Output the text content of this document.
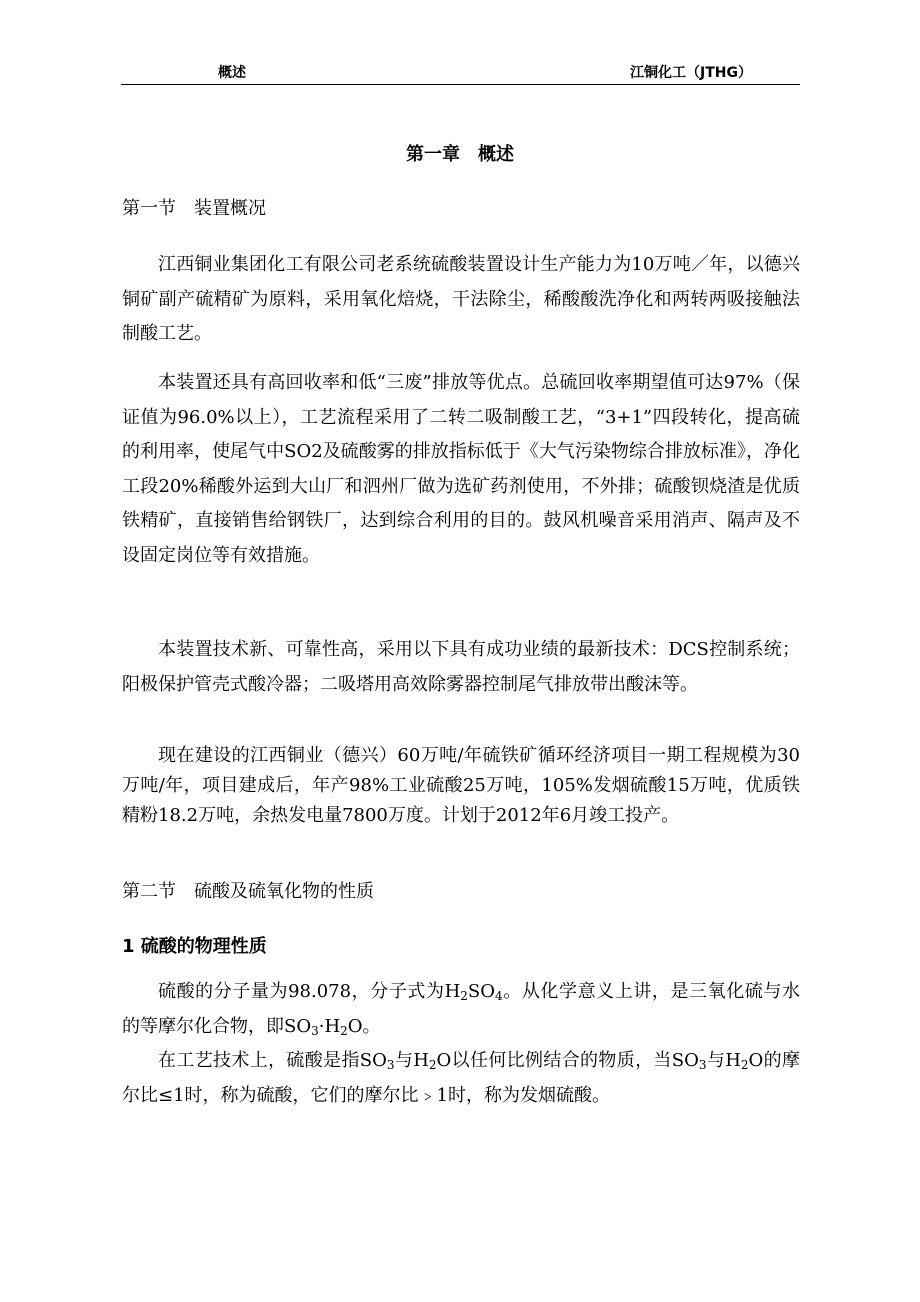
概述	江铜化工（JTHG）
第一章　概述
第一节　装置概况

江西铜业集团化工有限公司老系统硫酸装置设计生产能力为10万吨／年，以德兴铜矿副产硫精矿为原料，采用氧化焙烧，干法除尘，稀酸酸洗净化和两转两吸接触法制酸工艺。

本装置还具有高回收率和低“三废”排放等优点。总硫回收率期望值可达97%（保证值为96.0%以上），工艺流程采用了二转二吸制酸工艺，“3+1”四段转化，提高硫的利用率，使尾气中SO2及硫酸雾的排放指标低于《大气污染物综合排放标准》，净化工段20%稀酸外运到大山厂和泗州厂做为选矿药剂使用，不外排；硫酸钡烧渣是优质铁精矿，直接销售给钢铁厂，达到综合利用的目的。鼓风机噪音采用消声、隔声及不设固定岗位等有效措施。

本装置技术新、可靠性高，采用以下具有成功业绩的最新技术：DCS控制系统；阳极保护管壳式酸冷器；二吸塔用高效除雾器控制尾气排放带出酸沫等。

现在建设的江西铜业（德兴）60万吨/年硫铁矿循环经济项目一期工程规模为30万吨/年，项目建成后，年产98%工业硫酸25万吨，105%发烟硫酸15万吨，优质铁精粉18.2万吨，余热发电量7800万度。计划于2012年6月竣工投产。

第二节　硫酸及硫氧化物的性质
1 硫酸的物理性质

硫酸的分子量为98.078，分子式为$H_2SO_4$。从化学意义上讲，是三氧化硫与水的等摩尔化合物，即$SO_3\cdot H_2O$。

在工艺技术上，硫酸是指$SO_3$与$H_2O$以任何比例结合的物质，当$SO_3$与$H_2O$的摩尔比≤1时，称为硫酸，它们的摩尔比﹥1时，称为发烟硫酸。
